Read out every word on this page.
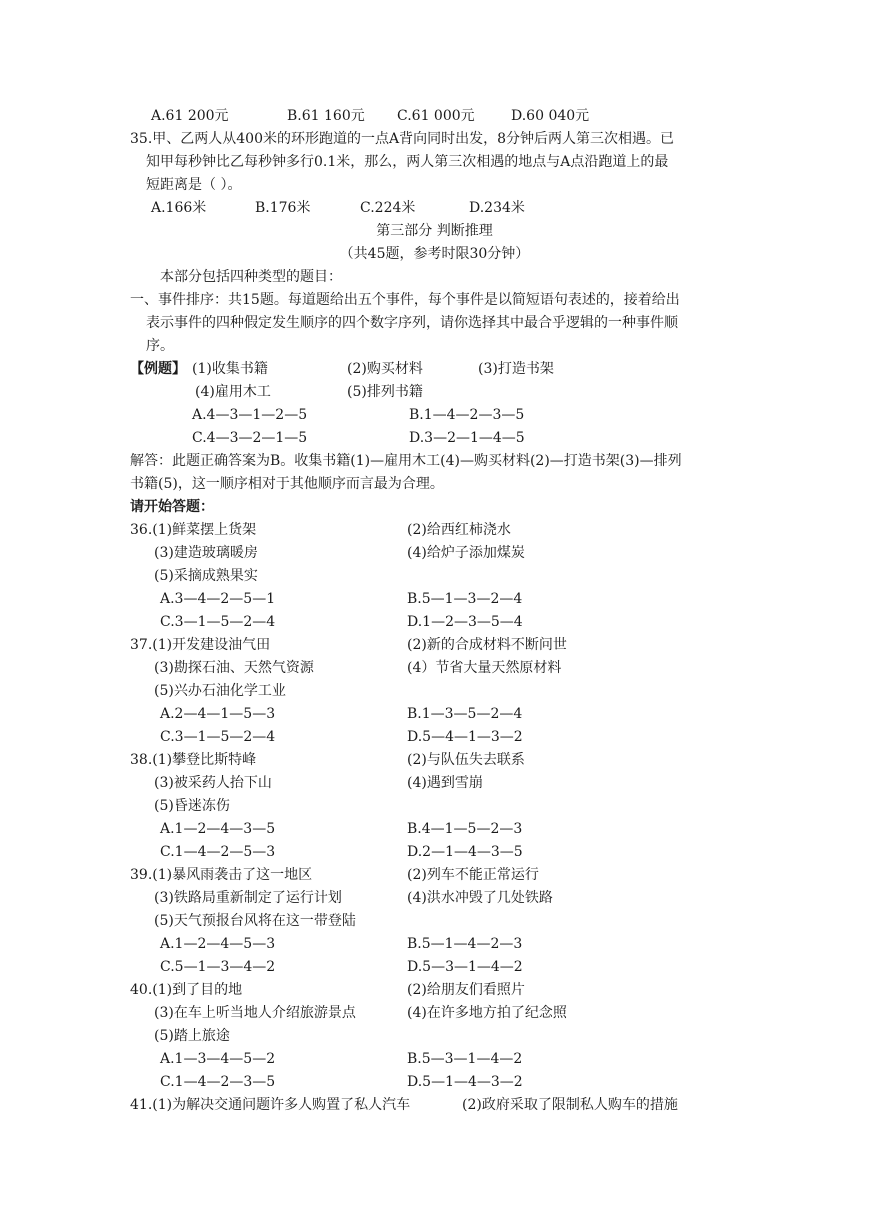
A.61 200元	B.61 160元 C.61 000元	D.60 040元
35.甲、乙两人从400米的环形跑道的一点A背向同时出发，8分钟后两人第三次相遇。已
知甲每秒钟比乙每秒钟多行0.1米，那么，两人第三次相遇的地点与A点沿跑道上的最
短距离是（ ）。
A.166米	B.176米	C.224米	D.234米
第三部分 判断推理
（共45题，参考时限30分钟）
本部分包括四种类型的题目：
一、事件排序：共15题。每道题给出五个事件，每个事件是以简短语句表述的，接着给出
表示事件的四种假定发生顺序的四个数字序列，请你选择其中最合乎逻辑的一种事件顺
序。
【例题】 (1)收集书籍	(2)购买材料	(3)打造书架
(4)雇用木工	(5)排列书籍
A.4—3—1—2—5	B.1—4—2—3—5
C.4—3—2—1—5	D.3—2—1—4—5
解答：此题正确答案为B。收集书籍(1)—雇用木工(4)—购买材料(2)—打造书架(3)—排列
书籍(5)，这一顺序相对于其他顺序而言最为合理。
请开始答题：
36.(1)鲜菜摆上货架	(2)给西红柿浇水
(3)建造玻璃暖房	(4)给炉子添加煤炭
(5)采摘成熟果实
A.3—4—2—5—1	B.5—1—3—2—4
C.3—1—5—2—4	D.1—2—3—5—4
37.(1)开发建设油气田	(2)新的合成材料不断问世
(3)勘探石油、天然气资源	(4）节省大量天然原材料
(5)兴办石油化学工业
A.2—4—1—5—3	B.1—3—5—2—4
C.3—1—5—2—4	D.5—4—1—3—2
38.(1)攀登比斯特峰	(2)与队伍失去联系
(3)被采药人抬下山	(4)遇到雪崩
(5)昏迷冻伤
A.1—2—4—3—5	B.4—1—5—2—3
C.1—4—2—5—3	D.2—1—4—3—5
39.(1)暴风雨袭击了这一地区	(2)列车不能正常运行
(3)铁路局重新制定了运行计划	(4)洪水冲毁了几处铁路
(5)天气预报台风将在这一带登陆
A.1—2—4—5—3	B.5—1—4—2—3
C.5—1—3—4—2	D.5—3—1—4—2
40.(1)到了目的地	(2)给朋友们看照片
(3)在车上听当地人介绍旅游景点	(4)在许多地方拍了纪念照
(5)踏上旅途
A.1—3—4—5—2	B.5—3—1—4—2
C.1—4—2—3—5	D.5—1—4—3—2
41.(1)为解决交通问题许多人购置了私人汽车	(2)政府采取了限制私人购车的措施
